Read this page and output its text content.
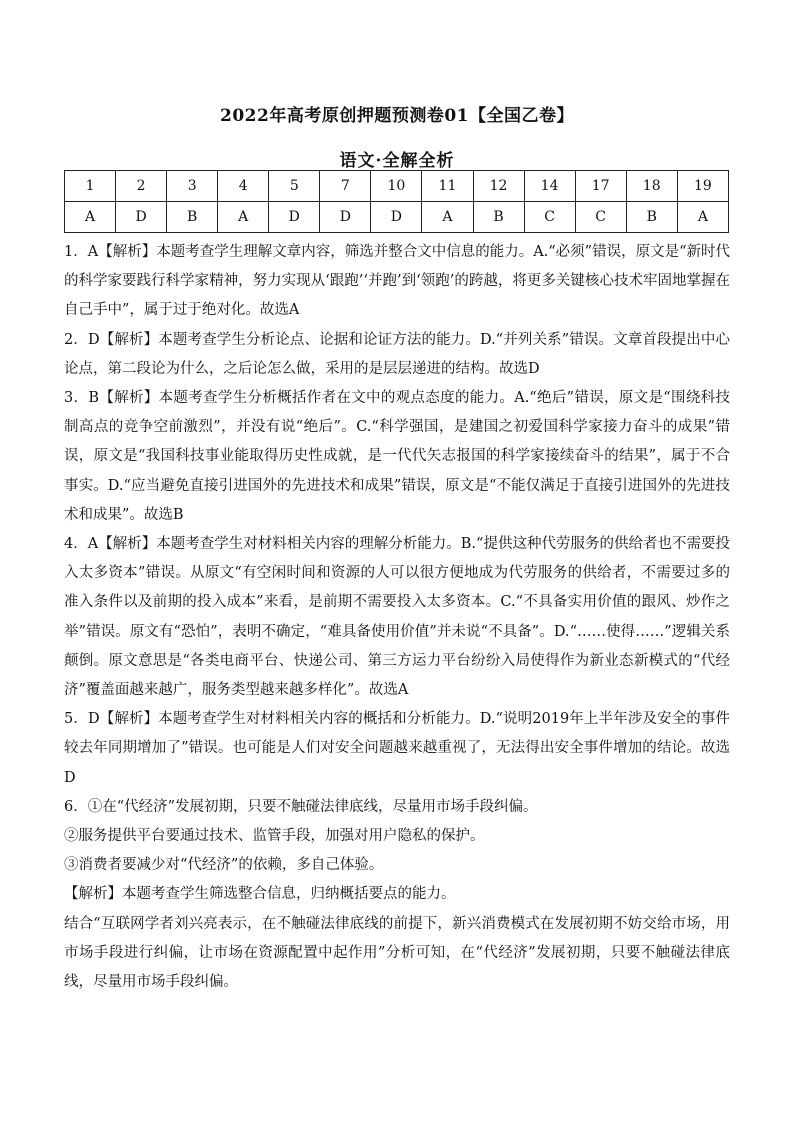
2022年高考原创押题预测卷01【全国乙卷】
语文·全解全析
1	2	3	4	5	7	10	11	12	14	17	18	19
A	D	B	A	D	D	D	A	B	C	C	B	A

1．A【解析】本题考查学生理解文章内容，筛选并整合文中信息的能力。A.“必须”错误，原文是“新时代的科学家要践行科学家精神，努力实现从‘跟跑’‘并跑’到‘领跑’的跨越，将更多关键核心技术牢固地掌握在自己手中”，属于过于绝对化。故选A

2．D【解析】本题考查学生分析论点、论据和论证方法的能力。D.“并列关系”错误。文章首段提出中心论点，第二段论为什么，之后论怎么做，采用的是层层递进的结构。故选D

3．B【解析】本题考查学生分析概括作者在文中的观点态度的能力。A.“绝后”错误，原文是“围绕科技制高点的竞争空前激烈”，并没有说“绝后”。C.“科学强国，是建国之初爱国科学家接力奋斗的成果”错误，原文是“我国科技事业能取得历史性成就，是一代代矢志报国的科学家接续奋斗的结果”，属于不合事实。D.“应当避免直接引进国外的先进技术和成果”错误，原文是“不能仅满足于直接引进国外的先进技术和成果”。故选B

4．A【解析】本题考查学生对材料相关内容的理解分析能力。B.“提供这种代劳服务的供给者也不需要投入太多资本”错误。从原文“有空闲时间和资源的人可以很方便地成为代劳服务的供给者，不需要过多的准入条件以及前期的投入成本”来看，是前期不需要投入太多资本。C.“不具备实用价值的跟风、炒作之举”错误。原文有“恐怕”，表明不确定，“难具备使用价值”并未说“不具备”。D.“……使得……”逻辑关系颠倒。原文意思是“各类电商平台、快递公司、第三方运力平台纷纷入局使得作为新业态新模式的“代经济”覆盖面越来越广，服务类型越来越多样化”。故选A

5．D【解析】本题考查学生对材料相关内容的概括和分析能力。D.“说明2019年上半年涉及安全的事件较去年同期增加了”错误。也可能是人们对安全问题越来越重视了，无法得出安全事件增加的结论。故选D

6．①在“代经济”发展初期，只要不触碰法律底线，尽量用市场手段纠偏。

②服务提供平台要通过技术、监管手段，加强对用户隐私的保护。

③消费者要减少对“代经济”的依赖，多自己体验。

【解析】本题考查学生筛选整合信息，归纳概括要点的能力。

结合“互联网学者刘兴亮表示，在不触碰法律底线的前提下，新兴消费模式在发展初期不妨交给市场，用市场手段进行纠偏，让市场在资源配置中起作用”分析可知，在“代经济”发展初期，只要不触碰法律底线，尽量用市场手段纠偏。
